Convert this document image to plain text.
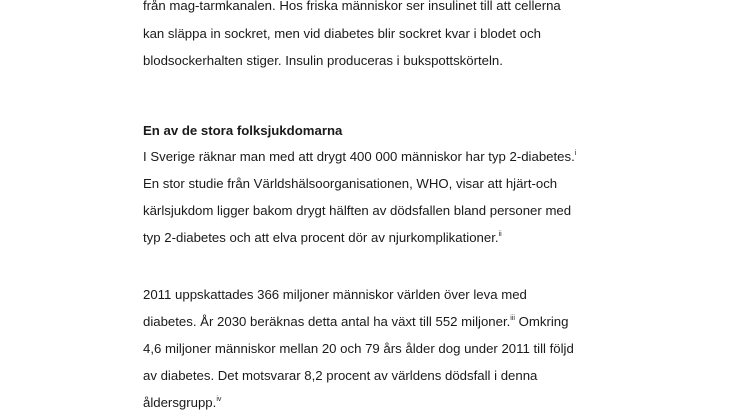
från mag-tarmkanalen. Hos friska människor ser insulinet till att cellerna

kan släppa in sockret, men vid diabetes blir sockret kvar i blodet och

blodsockerhalten stiger. Insulin produceras i bukspottskörteln.

En av de stora folksjukdomarna

I Sverige räknar man med att drygt 400 000 människor har typ 2-diabetes.$^i$

En stor studie från Världshälsoorganisationen, WHO, visar att hjärt-och

kärlsjukdom ligger bakom drygt hälften av dödsfallen bland personer med

typ 2-diabetes och att elva procent dör av njurkomplikationer.$^{ii}$

2011 uppskattades 366 miljoner människor världen över leva med

diabetes. År 2030 beräknas detta antal ha växt till 552 miljoner.$^{iii}$ Omkring

4,6 miljoner människor mellan 20 och 79 års ålder dog under 2011 till följd

av diabetes. Det motsvarar 8,2 procent av världens dödsfall i denna

åldersgrupp.$^{iv}$
